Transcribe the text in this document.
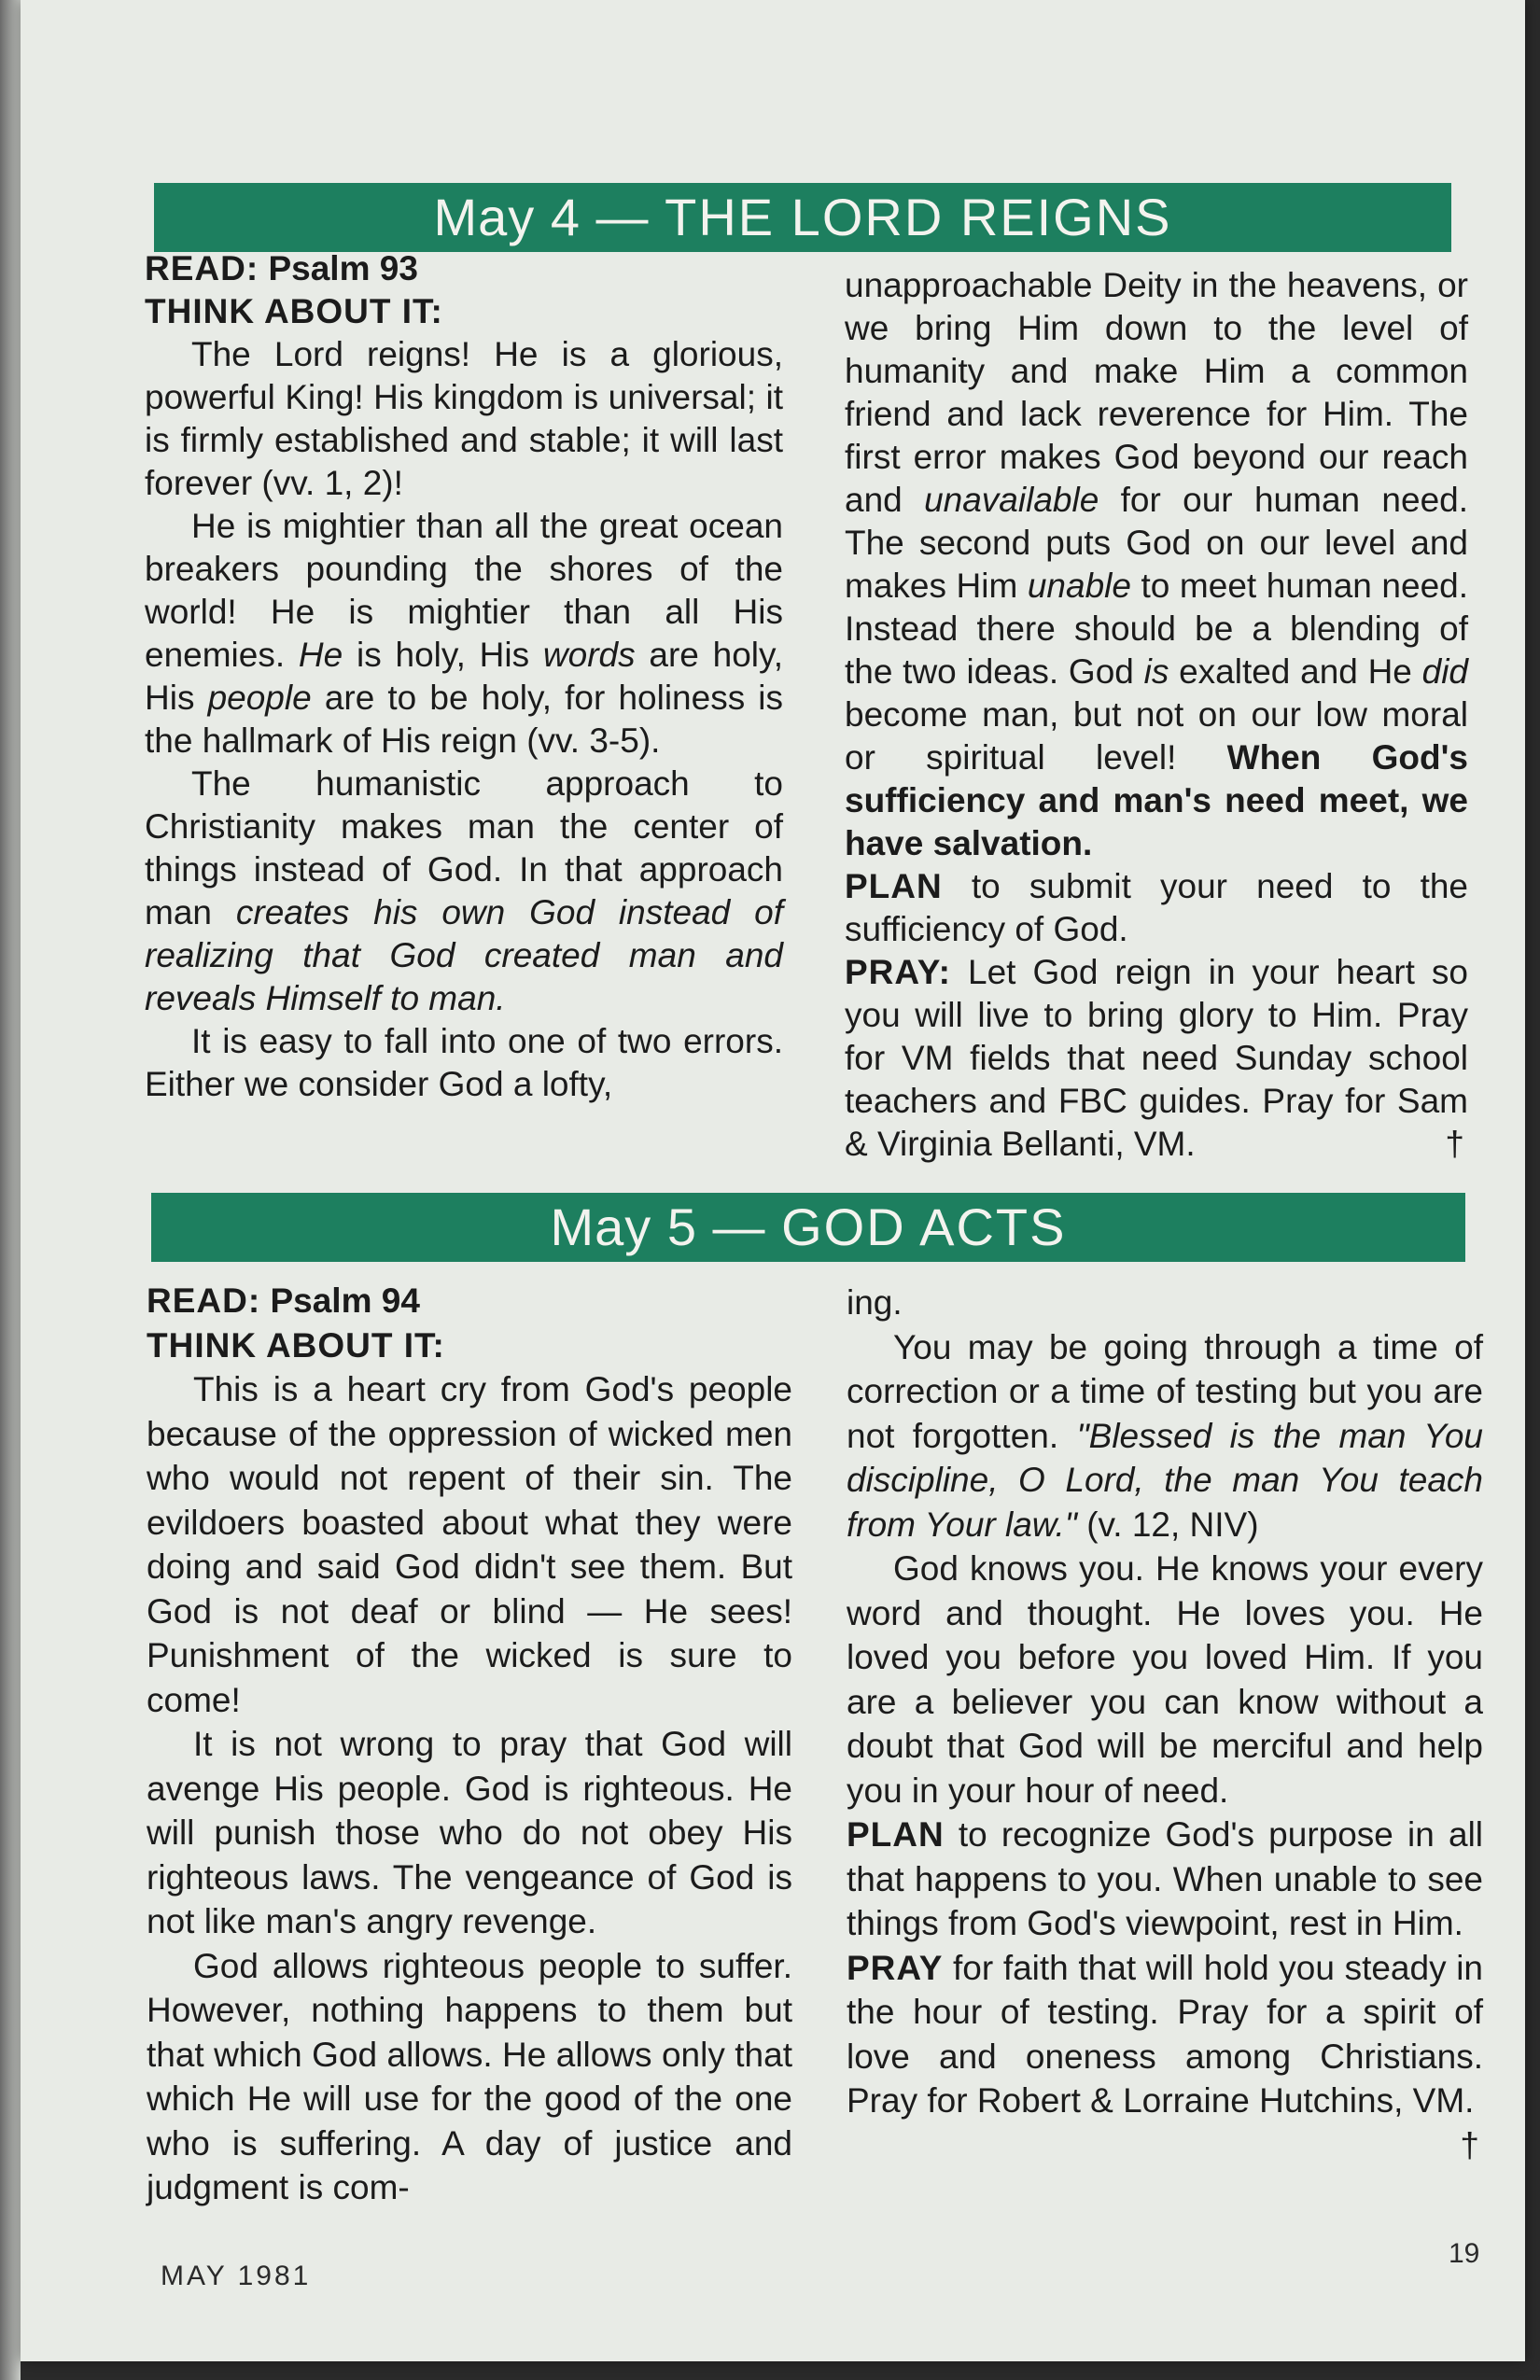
May 4 — THE LORD REIGNS

READ: Psalm 93

THINK ABOUT IT:

The Lord reigns! He is a glorious, powerful King! His kingdom is universal; it is firmly established and stable; it will last forever (vv. 1, 2)!

He is mightier than all the great ocean breakers pounding the shores of the world! He is mightier than all His enemies. He is holy, His words are holy, His people are to be holy, for holiness is the hallmark of His reign (vv. 3-5).

The humanistic approach to Christianity makes man the center of things instead of God. In that approach man creates his own God instead of realizing that God created man and reveals Himself to man.

It is easy to fall into one of two errors. Either we consider God a lofty,

unapproachable Deity in the heavens, or we bring Him down to the level of humanity and make Him a common friend and lack reverence for Him. The first error makes God beyond our reach and unavailable for our human need. The second puts God on our level and makes Him unable to meet human need. Instead there should be a blending of the two ideas. God is exalted and He did become man, but not on our low moral or spiritual level! When God's sufficiency and man's need meet, we have salvation.

PLAN to submit your need to the sufficiency of God.

PRAY: Let God reign in your heart so you will live to bring glory to Him. Pray for VM fields that need Sunday school teachers and FBC guides. Pray for Sam & Virginia Bellanti, VM.	†

May 5 — GOD ACTS

READ: Psalm 94

THINK ABOUT IT:

This is a heart cry from God's people because of the oppression of wicked men who would not repent of their sin. The evildoers boasted about what they were doing and said God didn't see them. But God is not deaf or blind — He sees! Punishment of the wicked is sure to come!

It is not wrong to pray that God will avenge His people. God is righteous. He will punish those who do not obey His righteous laws. The vengeance of God is not like man's angry revenge.

God allows righteous people to suffer. However, nothing happens to them but that which God allows. He allows only that which He will use for the good of the one who is suffering. A day of justice and judgment is com-

ing.

You may be going through a time of correction or a time of testing but you are not forgotten. "Blessed is the man You discipline, O Lord, the man You teach from Your law." (v. 12, NIV)

God knows you. He knows your every word and thought. He loves you. He loved you before you loved Him. If you are a believer you can know without a doubt that God will be merciful and help you in your hour of need.

PLAN to recognize God's purpose in all that happens to you. When unable to see things from God's viewpoint, rest in Him.

PRAY for faith that will hold you steady in the hour of testing. Pray for a spirit of love and oneness among Christians. Pray for Robert & Lorraine Hutchins, VM.
†

MAY 1981
19
